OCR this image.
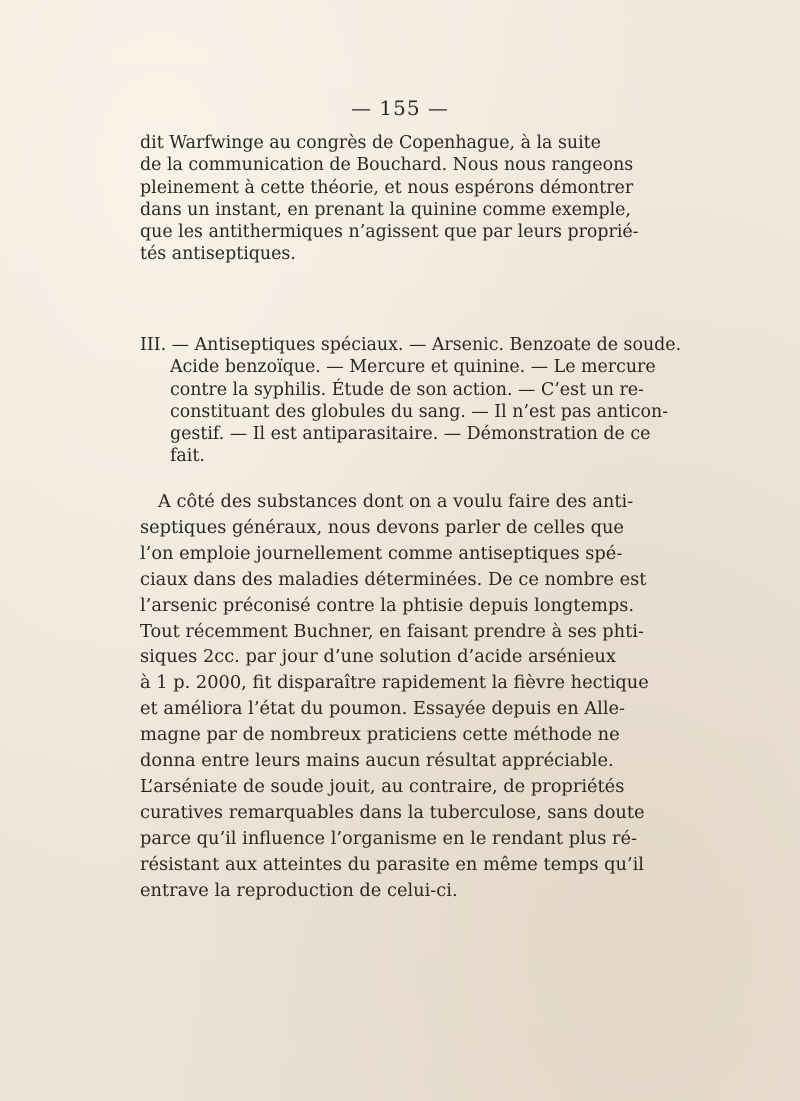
— 155 —
dit Warfwinge au congrès de Copenhague, à la suite
de la communication de Bouchard. Nous nous rangeons
pleinement à cette théorie, et nous espérons démontrer
dans un instant, en prenant la quinine comme exemple,
que les antithermiques n’agissent que par leurs proprié-
tés antiseptiques.
III. — Antiseptiques spéciaux. — Arsenic. Benzoate de soude.
Acide benzoïque. — Mercure et quinine. — Le mercure
contre la syphilis. Étude de son action. — C’est un re-
constituant des globules du sang. — Il n’est pas anticon-
gestif. — Il est antiparasitaire. — Démonstration de ce
fait.
A côté des substances dont on a voulu faire des anti-
septiques généraux, nous devons parler de celles que
l’on emploie journellement comme antiseptiques spé-
ciaux dans des maladies déterminées. De ce nombre est
l’arsenic préconisé contre la phtisie depuis longtemps.
Tout récemment Buchner, en faisant prendre à ses phti-
siques 2cc. par jour d’une solution d’acide arsénieux
à 1 p. 2000, fit disparaître rapidement la fièvre hectique
et améliora l’état du poumon. Essayée depuis en Alle-
magne par de nombreux praticiens cette méthode ne
donna entre leurs mains aucun résultat appréciable.
L’arséniate de soude jouit, au contraire, de propriétés
curatives remarquables dans la tuberculose, sans doute
parce qu’il influence l’organisme en le rendant plus ré-
résistant aux atteintes du parasite en même temps qu’il
entrave la reproduction de celui-ci.
